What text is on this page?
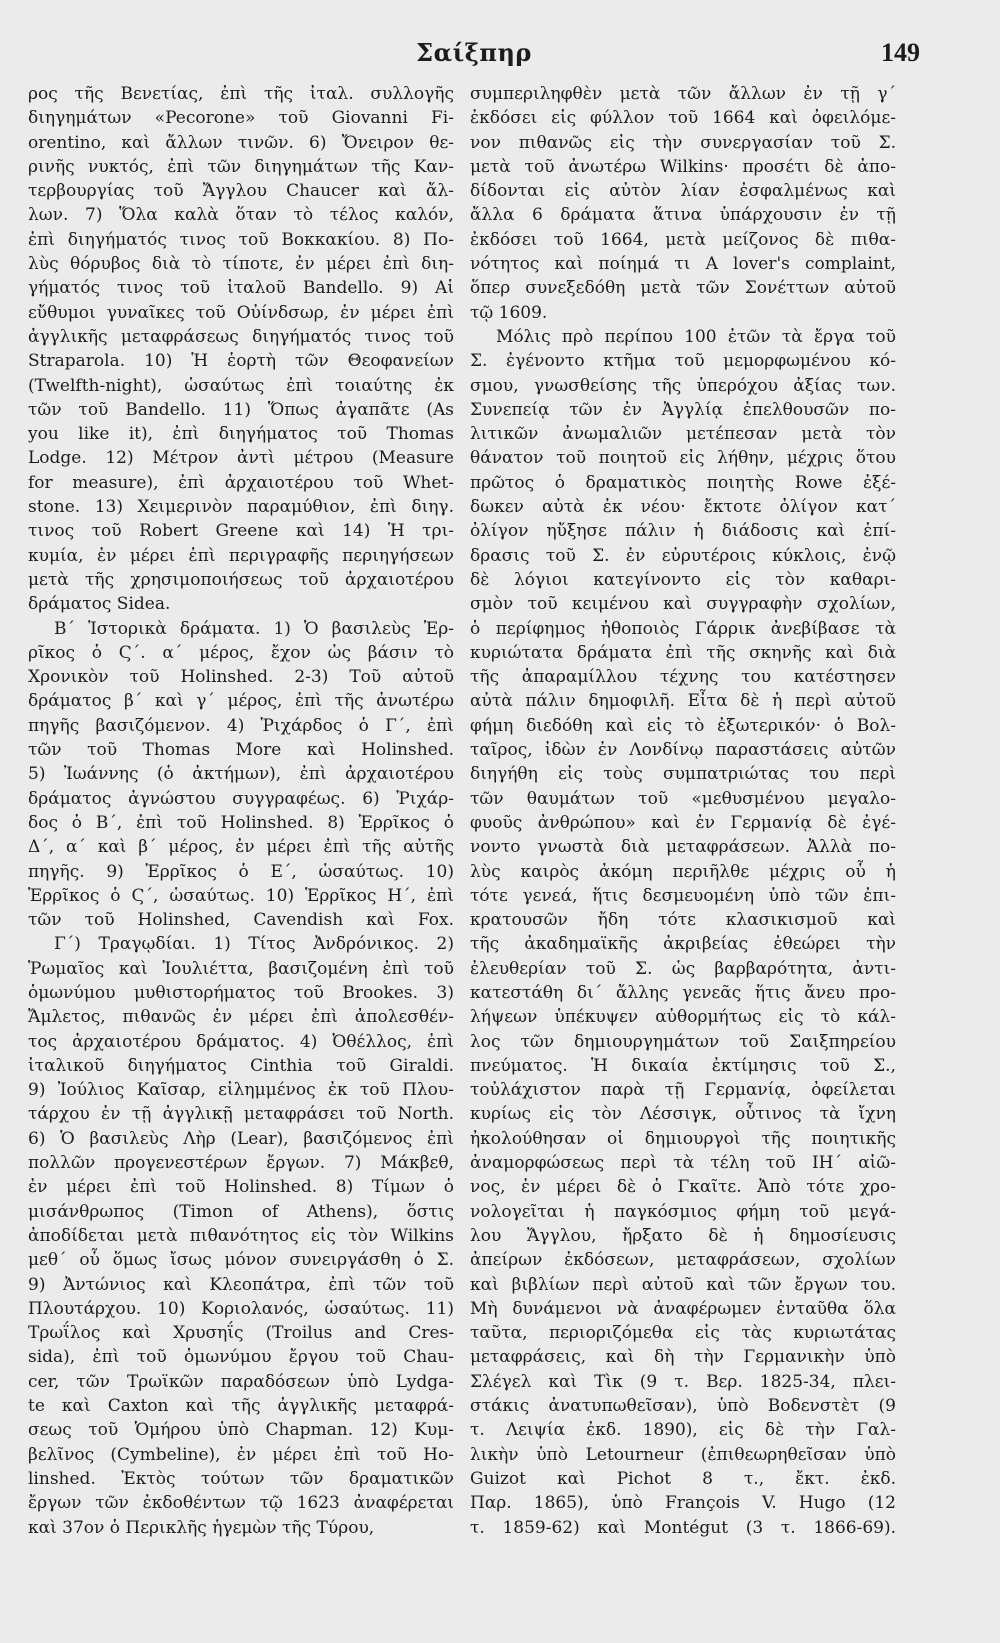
Σαίξπηρ	149
ρος τῆς Βενετίας, ἐπὶ τῆς ἰταλ. συλλογῆς
διηγημάτων «Pecorone» τοῦ Giovanni Fi-
orentino, καὶ ἄλλων τινῶν. 6) Ὄνειρον θε-
ρινῆς νυκτός, ἐπὶ τῶν διηγημάτων τῆς Καν-
τερβουργίας τοῦ Ἄγγλου Chaucer καὶ ἄλ-
λων. 7) Ὅλα καλὰ ὅταν τὸ τέλος καλόν,
ἐπὶ διηγήματός τινος τοῦ Βοκκακίου. 8) Πο-
λὺς θόρυβος διὰ τὸ τίποτε, ἐν μέρει ἐπὶ διη-
γήματός τινος τοῦ ἰταλοῦ Bandello. 9) Αἱ
εὔθυμοι γυναῖκες τοῦ Οὐίνδσωρ, ἐν μέρει ἐπὶ
ἀγγλικῆς μεταφράσεως διηγήματός τινος τοῦ
Straparola. 10) Ἡ ἑορτὴ τῶν Θεοφανείων
(Twelfth-night), ὡσαύτως ἐπὶ τοιαύτης ἐκ
τῶν τοῦ Bandello. 11) Ὅπως ἀγαπᾶτε (As
you like it), ἐπὶ διηγήματος τοῦ Thomas
Lodge. 12) Μέτρον ἀντὶ μέτρου (Measure
for measure), ἐπὶ ἀρχαιοτέρου τοῦ Whet-
stone. 13) Χειμερινὸν παραμύθιον, ἐπὶ διηγ.
τινος τοῦ Robert Greene καὶ 14) Ἡ τρι-
κυμία, ἐν μέρει ἐπὶ περιγραφῆς περιηγήσεων
μετὰ τῆς χρησιμοποιήσεως τοῦ ἀρχαιοτέρου
δράματος Sidea.
Β΄ Ἱστορικὰ δράματα. 1) Ὁ βασιλεὺς Ἐρ-
ρῖκος ὁ Ϛ΄. α΄ μέρος, ἔχον ὡς βάσιν τὸ
Χρονικὸν τοῦ Holinshed. 2-3) Τοῦ αὐτοῦ
δράματος β΄ καὶ γ΄ μέρος, ἐπὶ τῆς ἀνωτέρω
πηγῆς βασιζόμενον. 4) Ῥιχάρδος ὁ Γ΄, ἐπὶ
τῶν τοῦ Thomas More καὶ Holinshed.
5) Ἰωάννης (ὁ ἀκτήμων), ἐπὶ ἀρχαιοτέρου
δράματος ἀγνώστου συγγραφέως. 6) Ῥιχάρ-
δος ὁ Β΄, ἐπὶ τοῦ Holinshed. 8) Ἑρρῖκος ὁ
Δ΄, α΄ καὶ β΄ μέρος, ἐν μέρει ἐπὶ τῆς αὐτῆς
πηγῆς. 9) Ἑρρῖκος ὁ Ε΄, ὡσαύτως. 10)
Ἑρρῖκος ὁ Ϛ΄, ὡσαύτως. 10) Ἑρρῖκος Η΄, ἐπὶ
τῶν τοῦ Holinshed, Cavendish καὶ Fox.
Γ΄) Τραγῳδίαι. 1) Τίτος Ἀνδρόνικος. 2)
Ῥωμαῖος καὶ Ἰουλιέττα, βασιζομένη ἐπὶ τοῦ
ὁμωνύμου μυθιστορήματος τοῦ Brookes. 3)
Ἄμλετος, πιθανῶς ἐν μέρει ἐπὶ ἀπολεσθέν-
τος ἀρχαιοτέρου δράματος. 4) Ὀθέλλος, ἐπὶ
ἰταλικοῦ διηγήματος Cinthia τοῦ Giraldi.
9) Ἰούλιος Καῖσαρ, εἰλημμένος ἐκ τοῦ Πλου-
τάρχου ἐν τῇ ἀγγλικῇ μεταφράσει τοῦ North.
6) Ὁ βασιλεὺς Λὴρ (Lear), βασιζόμενος ἐπὶ
πολλῶν προγενεστέρων ἔργων. 7) Μάκβεθ,
ἐν μέρει ἐπὶ τοῦ Holinshed. 8) Τίμων ὁ
μισάνθρωπος (Timon of Athens), ὅστις
ἀποδίδεται μετὰ πιθανότητος εἰς τὸν Wilkins
μεθ΄ οὗ ὅμως ἴσως μόνον συνειργάσθη ὁ Σ.
9) Ἀντώνιος καὶ Κλεοπάτρα, ἐπὶ τῶν τοῦ
Πλουτάρχου. 10) Κοριολανός, ὡσαύτως. 11)
Τρωΐλος καὶ Χρυσηΐς (Troilus and Cres-
sida), ἐπὶ τοῦ ὁμωνύμου ἔργου τοῦ Chau-
cer, τῶν Τρωϊκῶν παραδόσεων ὑπὸ Lydga-
te καὶ Caxton καὶ τῆς ἀγγλικῆς μεταφρά-
σεως τοῦ Ὁμήρου ὑπὸ Chapman. 12) Κυμ-
βελῖνος (Cymbeline), ἐν μέρει ἐπὶ τοῦ Ho-
linshed. Ἐκτὸς τούτων τῶν δραματικῶν
ἔργων τῶν ἐκδοθέντων τῷ 1623 ἀναφέρεται
καὶ 37ον ὁ Περικλῆς ἡγεμὼν τῆς Τύρου,
συμπεριληφθὲν μετὰ τῶν ἄλλων ἐν τῇ γ΄
ἐκδόσει εἰς φύλλον τοῦ 1664 καὶ ὀφειλόμε-
νον πιθανῶς εἰς τὴν συνεργασίαν τοῦ Σ.
μετὰ τοῦ ἀνωτέρω Wilkins· προσέτι δὲ ἀπο-
δίδονται εἰς αὐτὸν λίαν ἐσφαλμένως καὶ
ἄλλα 6 δράματα ἅτινα ὑπάρχουσιν ἐν τῇ
ἐκδόσει τοῦ 1664, μετὰ μείζονος δὲ πιθα-
νότητος καὶ ποίημά τι A lover's complaint,
ὅπερ συνεξεδόθη μετὰ τῶν Σονέττων αὐτοῦ
τῷ 1609.
Μόλις πρὸ περίπου 100 ἐτῶν τὰ ἔργα τοῦ
Σ. ἐγένοντο κτῆμα τοῦ μεμορφωμένου κό-
σμου, γνωσθείσης τῆς ὑπερόχου ἀξίας των.
Συνεπείᾳ τῶν ἐν Ἀγγλίᾳ ἐπελθουσῶν πο-
λιτικῶν ἀνωμαλιῶν μετέπεσαν μετὰ τὸν
θάνατον τοῦ ποιητοῦ εἰς λήθην, μέχρις ὅτου
πρῶτος ὁ δραματικὸς ποιητὴς Rowe ἐξέ-
δωκεν αὐτὰ ἐκ νέου· ἔκτοτε ὀλίγον κατ΄
ὀλίγον ηὔξησε πάλιν ἡ διάδοσις καὶ ἐπί-
δρασις τοῦ Σ. ἐν εὐρυτέροις κύκλοις, ἐνῷ
δὲ λόγιοι κατεγίνοντο εἰς τὸν καθαρι-
σμὸν τοῦ κειμένου καὶ συγγραφὴν σχολίων,
ὁ περίφημος ἠθοποιὸς Γάρρικ ἀνεβίβασε τὰ
κυριώτατα δράματα ἐπὶ τῆς σκηνῆς καὶ διὰ
τῆς ἀπαραμίλλου τέχνης του κατέστησεν
αὐτὰ πάλιν δημοφιλῆ. Εἶτα δὲ ἡ περὶ αὐτοῦ
φήμη διεδόθη καὶ εἰς τὸ ἐξωτερικόν· ὁ Βολ-
ταῖρος, ἰδὼν ἐν Λονδίνῳ παραστάσεις αὐτῶν
διηγήθη εἰς τοὺς συμπατριώτας του περὶ
τῶν θαυμάτων τοῦ «μεθυσμένου μεγαλο-
φυοῦς ἀνθρώπου» καὶ ἐν Γερμανίᾳ δὲ ἐγέ-
νοντο γνωστὰ διὰ μεταφράσεων. Ἀλλὰ πο-
λὺς καιρὸς ἀκόμη περιῆλθε μέχρις οὗ ἡ
τότε γενεά, ἥτις δεσμευομένη ὑπὸ τῶν ἐπι-
κρατουσῶν ἤδη τότε κλασικισμοῦ καὶ
τῆς ἀκαδημαϊκῆς ἀκριβείας ἐθεώρει τὴν
ἐλευθερίαν τοῦ Σ. ὡς βαρβαρότητα, ἀντι-
κατεστάθη δι΄ ἄλλης γενεᾶς ἥτις ἄνευ προ-
λήψεων ὑπέκυψεν αὐθορμήτως εἰς τὸ κάλ-
λος τῶν δημιουργημάτων τοῦ Σαιξπηρείου
πνεύματος. Ἡ δικαία ἐκτίμησις τοῦ Σ.,
τοὐλάχιστον παρὰ τῇ Γερμανίᾳ, ὀφείλεται
κυρίως εἰς τὸν Λέσσιγκ, οὗτινος τὰ ἴχνη
ἠκολούθησαν οἱ δημιουργοὶ τῆς ποιητικῆς
ἀναμορφώσεως περὶ τὰ τέλη τοῦ ΙΗ΄ αἰῶ-
νος, ἐν μέρει δὲ ὁ Γκαῖτε. Ἀπὸ τότε χρο-
νολογεῖται ἡ παγκόσμιος φήμη τοῦ μεγά-
λου Ἄγγλου, ἤρξατο δὲ ἡ δημοσίευσις
ἀπείρων ἐκδόσεων, μεταφράσεων, σχολίων
καὶ βιβλίων περὶ αὐτοῦ καὶ τῶν ἔργων του.
Μὴ δυνάμενοι νὰ ἀναφέρωμεν ἐνταῦθα ὅλα
ταῦτα, περιοριζόμεθα εἰς τὰς κυριωτάτας
μεταφράσεις, καὶ δὴ τὴν Γερμανικὴν ὑπὸ
Σλέγελ καὶ Τὶκ (9 τ. Βερ. 1825-34, πλει-
στάκις ἀνατυπωθεῖσαν), ὑπὸ Βοδενστὲτ (9
τ. Λειψία ἐκδ. 1890), εἰς δὲ τὴν Γαλ-
λικὴν ὑπὸ Letourneur (ἐπιθεωρηθεῖσαν ὑπὸ
Guizot καὶ Pichot 8 τ., ἔκτ. ἐκδ.
Παρ. 1865), ὑπὸ François V. Hugo (12
τ. 1859-62) καὶ Montégut (3 τ. 1866-69).
